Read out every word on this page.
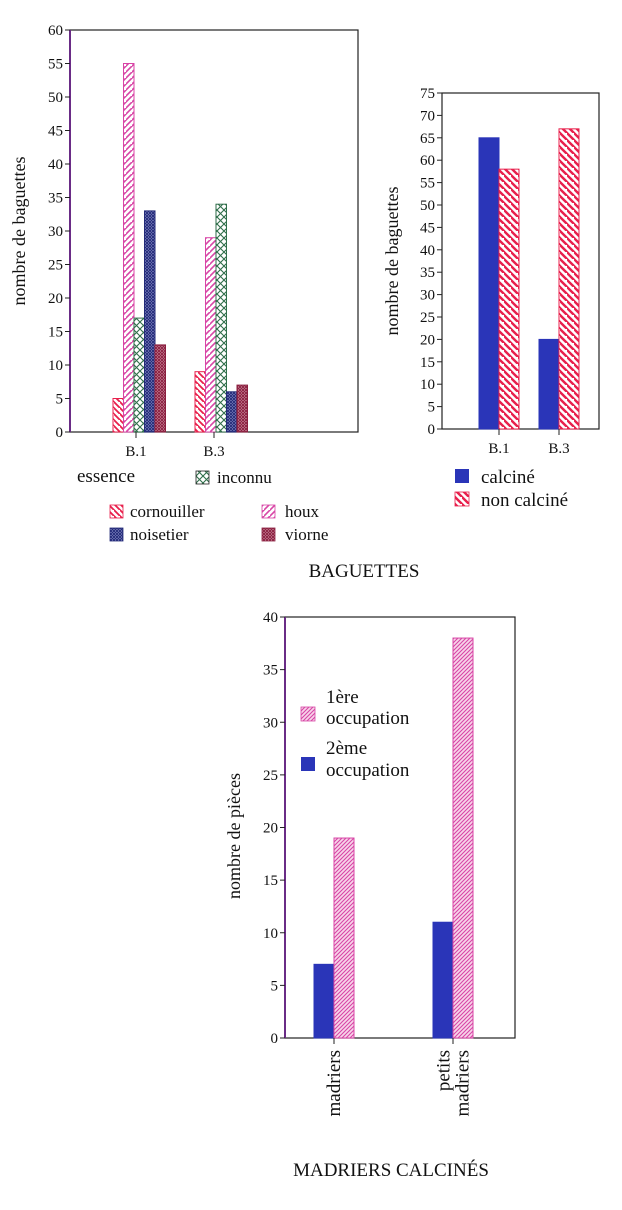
0
5
10
15
20
25
30
35
40
45
50
55
60
B.1	B.3
nombre de baguettes
essence	inconnu
cornouiller	houx
noisetier	viorne
0
5
10
15
20
25
30
35
40
45
50
55
60
65
70
75
B.1	B.3
nombre de baguettes
calciné
non calciné
BAGUETTES
0
5
10
15
20
25
30
35
40
madriers	petits
madriers
nombre de pièces
1ère
occupation
2ème
occupation
MADRIERS CALCINÉS
